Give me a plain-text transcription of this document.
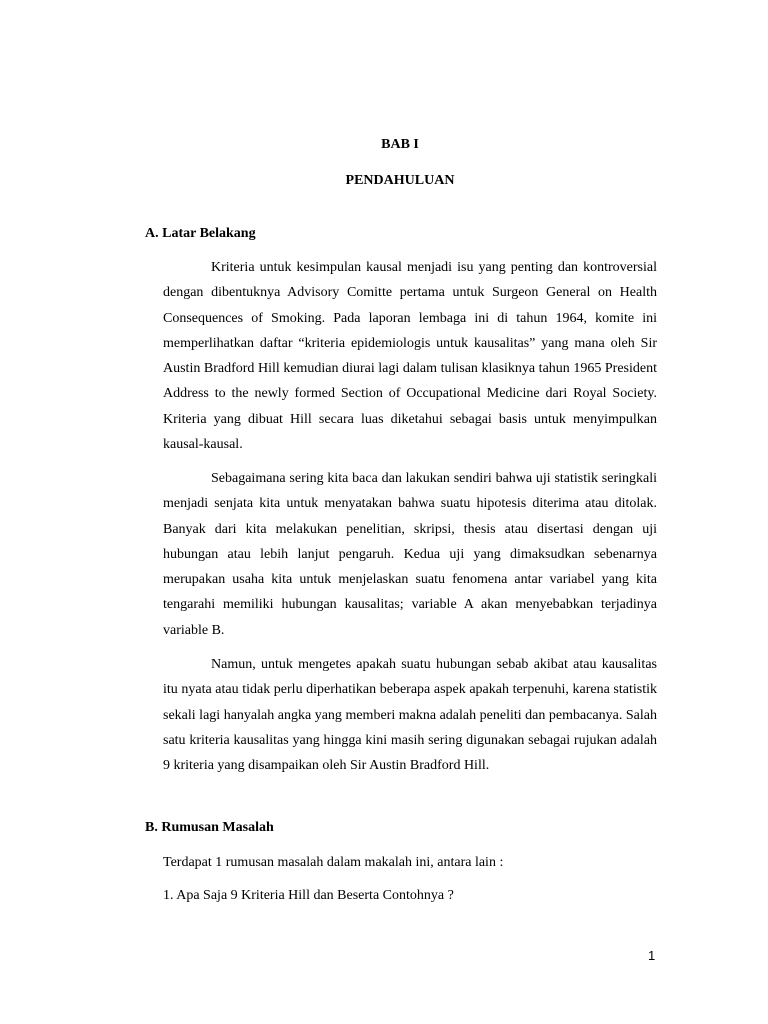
BAB I
PENDAHULUAN
A. Latar Belakang

Kriteria untuk kesimpulan kausal menjadi isu yang penting dan kontroversial dengan dibentuknya Advisory Comitte pertama untuk Surgeon General on Health Consequences of Smoking. Pada laporan lembaga ini di tahun 1964, komite ini memperlihatkan daftar “kriteria epidemiologis untuk kausalitas” yang mana oleh Sir Austin Bradford Hill kemudian diurai lagi dalam tulisan klasiknya tahun 1965 President Address to the newly formed Section of Occupational Medicine dari Royal Society. Kriteria yang dibuat Hill secara luas diketahui sebagai basis untuk menyimpulkan kausal-kausal.

Sebagaimana sering kita baca dan lakukan sendiri bahwa uji statistik seringkali menjadi senjata kita untuk menyatakan bahwa suatu hipotesis diterima atau ditolak. Banyak dari kita melakukan penelitian, skripsi, thesis atau disertasi dengan uji hubungan atau lebih lanjut pengaruh. Kedua uji yang dimaksudkan sebenarnya merupakan usaha kita untuk menjelaskan suatu fenomena antar variabel yang kita tengarahi memiliki hubungan kausalitas; variable A akan menyebabkan terjadinya variable B.

Namun, untuk mengetes apakah suatu hubungan sebab akibat atau kausalitas itu nyata atau tidak perlu diperhatikan beberapa aspek apakah terpenuhi, karena statistik sekali lagi hanyalah angka yang memberi makna adalah peneliti dan pembacanya. Salah satu kriteria kausalitas yang hingga kini masih sering digunakan sebagai rujukan adalah 9 kriteria yang disampaikan oleh Sir Austin Bradford Hill.

B. Rumusan Masalah
Terdapat 1 rumusan masalah dalam makalah ini, antara lain :
1. Apa Saja 9 Kriteria Hill dan Beserta Contohnya ?
1
